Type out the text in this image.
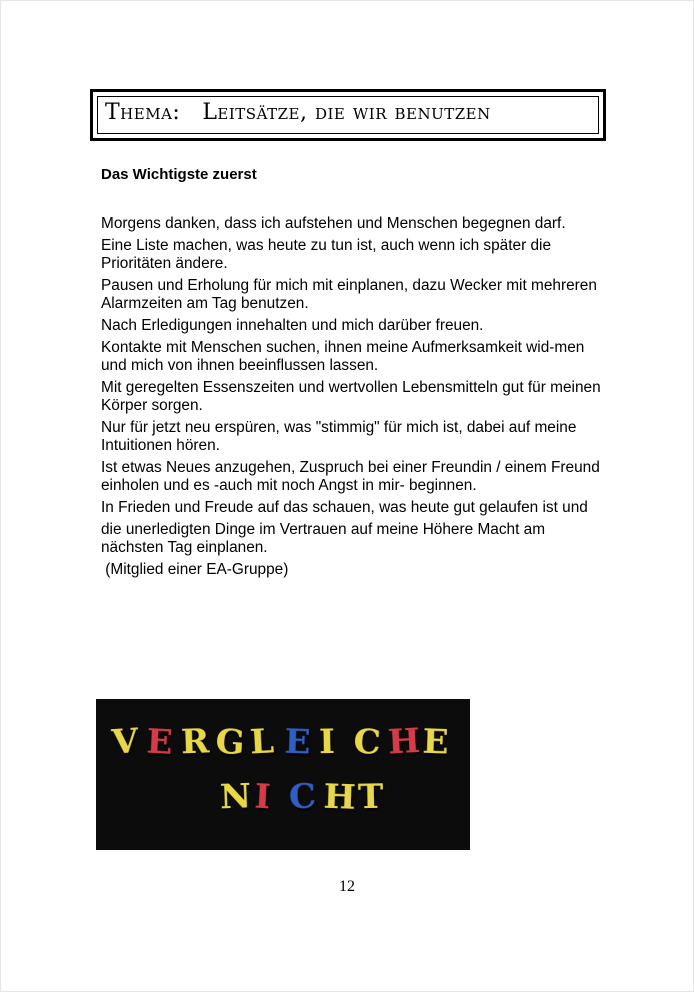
Thema: Leitsätze, die wir benutzen
Das Wichtigste zuerst

Morgens danken, dass ich aufstehen und Menschen begegnen darf.

Eine Liste machen, was heute zu tun ist, auch wenn ich später die Prioritäten ändere.

Pausen und Erholung für mich mit einplanen, dazu Wecker mit mehreren Alarmzeiten am Tag benutzen.

Nach Erledigungen innehalten und mich darüber freuen.

Kontakte mit Menschen suchen, ihnen meine Aufmerksamkeit wid-men und mich von ihnen beeinflussen lassen.

Mit geregelten Essenszeiten und wertvollen Lebensmitteln gut für meinen Körper sorgen.

Nur für jetzt neu erspüren, was "stimmig" für mich ist, dabei auf meine Intuitionen hören.

Ist etwas Neues anzugehen, Zuspruch bei einer Freundin / einem Freund einholen und es -auch mit noch Angst in mir- beginnen.

In Frieden und Freude auf das schauen, was heute gut gelaufen ist und

die unerledigten Dinge im Vertrauen auf meine Höhere Macht am nächsten Tag einplanen.

(Mitglied einer EA-Gruppe)

V E R G L E I C H E
N I C H T
12
